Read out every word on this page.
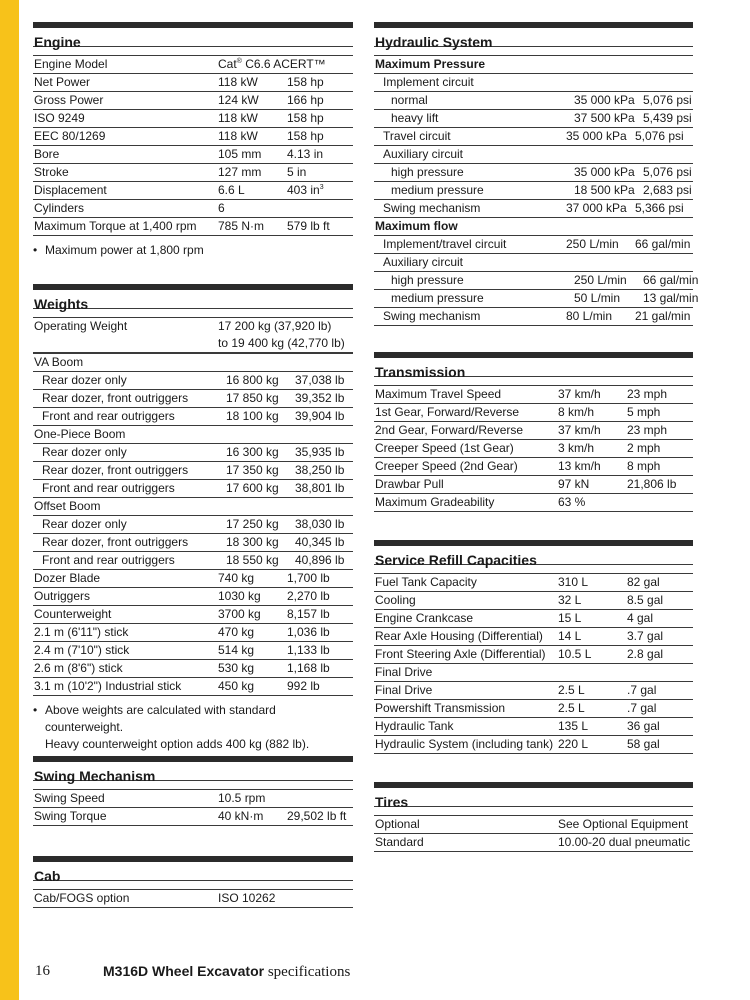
Engine
Engine Model	Cat® C6.6 ACERT™
Net Power	118 kW	158 hp
Gross Power	124 kW	166 hp
ISO 9249	118 kW	158 hp
EEC 80/1269	118 kW	158 hp
Bore	105 mm	4.13 in
Stroke	127 mm	5 in
Displacement	6.6 L	403 $in^3$
Cylinders	6
Maximum Torque at 1,400 rpm	785 N·m	579 lb ft
• Maximum power at 1,800 rpm
Weights
Operating Weight	17 200 kg (37,920 lb)
to 19 400 kg (42,770 lb)
VA Boom
Rear dozer only	16 800 kg	37,038 lb
Rear dozer, front outriggers	17 850 kg	39,352 lb
Front and rear outriggers	18 100 kg	39,904 lb
One-Piece Boom
Rear dozer only	16 300 kg	35,935 lb
Rear dozer, front outriggers	17 350 kg	38,250 lb
Front and rear outriggers	17 600 kg	38,801 lb
Offset Boom
Rear dozer only	17 250 kg	38,030 lb
Rear dozer, front outriggers	18 300 kg	40,345 lb
Front and rear outriggers	18 550 kg	40,896 lb
Dozer Blade	740 kg	1,700 lb
Outriggers	1030 kg	2,270 lb
Counterweight	3700 kg	8,157 lb
2.1 m (6'11") stick	470 kg	1,036 lb
2.4 m (7'10") stick	514 kg	1,133 lb
2.6 m (8'6") stick	530 kg	1,168 lb
3.1 m (10'2") Industrial stick	450 kg	992 lb
• Above weights are calculated with standard counterweight.
Heavy counterweight option adds 400 kg (882 lb).
Swing Mechanism
Swing Speed	10.5 rpm
Swing Torque	40 kN·m	29,502 lb ft
Cab
Cab/FOGS option	ISO 10262
Hydraulic System
Maximum Pressure
Implement circuit
normal	35 000 kPa 5,076 psi
heavy lift	37 500 kPa 5,439 psi
Travel circuit	35 000 kPa 5,076 psi
Auxiliary circuit
high pressure	35 000 kPa 5,076 psi
medium pressure	18 500 kPa 2,683 psi
Swing mechanism	37 000 kPa 5,366 psi
Maximum flow
Implement/travel circuit	250 L/min	66 gal/min
Auxiliary circuit
high pressure	250 L/min	66 gal/min
medium pressure	50 L/min	13 gal/min
Swing mechanism	80 L/min	21 gal/min
Transmission
Maximum Travel Speed	37 km/h	23 mph
1st Gear, Forward/Reverse	8 km/h	5 mph
2nd Gear, Forward/Reverse	37 km/h	23 mph
Creeper Speed (1st Gear)	3 km/h	2 mph
Creeper Speed (2nd Gear)	13 km/h	8 mph
Drawbar Pull	97 kN	21,806 lb
Maximum Gradeability	63 %
Service Refill Capacities
Fuel Tank Capacity	310 L	82 gal
Cooling	32 L	8.5 gal
Engine Crankcase	15 L	4 gal
Rear Axle Housing (Differential)	14 L	3.7 gal
Front Steering Axle (Differential)	10.5 L	2.8 gal
Final Drive
Final Drive	2.5 L	.7 gal
Powershift Transmission	2.5 L	.7 gal
Hydraulic Tank	135 L	36 gal
Hydraulic System (including tank) 220 L	58 gal
Tires
Optional	See Optional Equipment
Standard	10.00-20 dual pneumatic
16	M316D Wheel Excavator specifications
